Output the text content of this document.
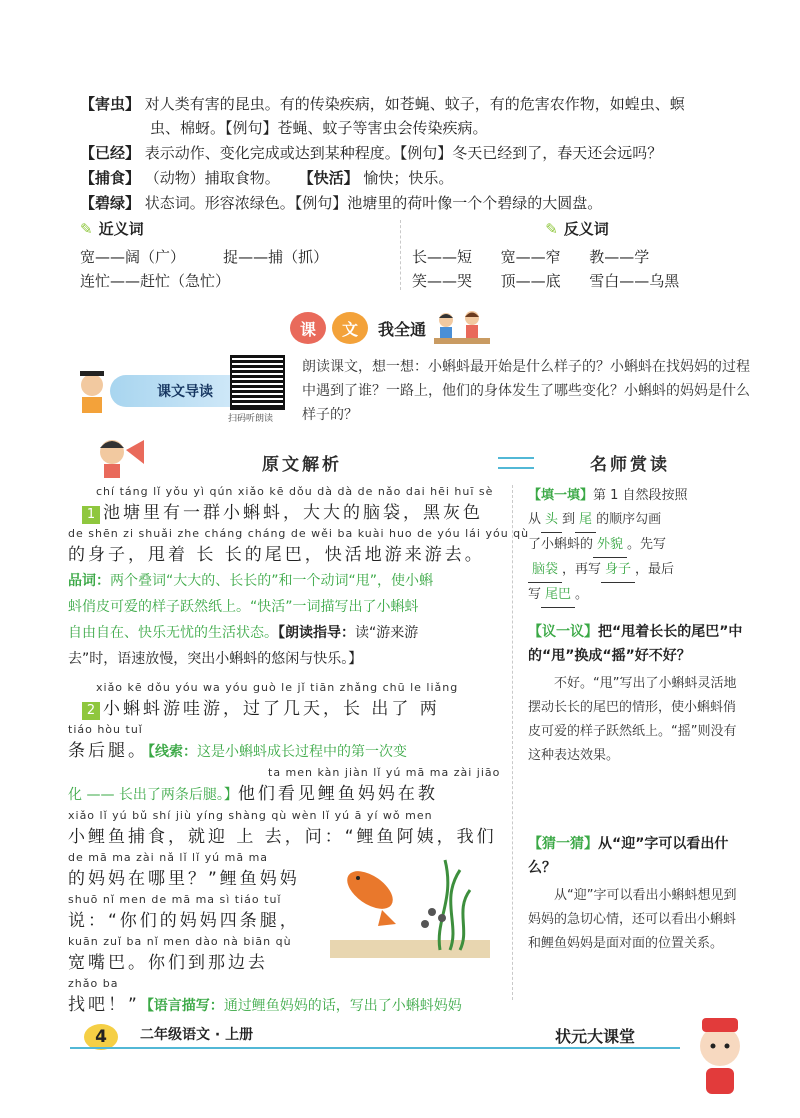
【害虫】 对人类有害的昆虫。有的传染疾病，如苍蝇、蚊子，有的危害农作物，如蝗虫、螟
虫、棉蚜。【例句】苍蝇、蚊子等害虫会传染疾病。
【已经】 表示动作、变化完成或达到某种程度。【例句】冬天已经到了，春天还会远吗？
【捕食】 （动物）捕取食物。 【快活】 愉快；快乐。
【碧绿】 状态词。形容浓绿色。【例句】池塘里的荷叶像一个个碧绿的大圆盘。
✎ 近义词
宽——阔（广）        捉——捕（抓）
连忙——赶忙（急忙）
✎ 反义词
长——短      宽——窄      教——学
笑——哭      顶——底      雪白——乌黑
课	文	我全通
课文导读
扫码听朗读
朗读课文，想一想：小蝌蚪最开始是什么样子的？小蝌蚪在找妈妈的过程中遇到了谁？一路上，他们的身体发生了哪些变化？小蝌蚪的妈妈是什么样子的？
原文解析	名师赏读
chí táng lǐ yǒu yì qún xiǎo kē dǒu dà dà de nǎo dai hēi huī sè
1 池塘里有一群小蝌蚪，大大的脑袋，黑灰色
de shēn zi shuǎi zhe cháng cháng de wěi ba kuài huo de yóu lái yóu qù
的身子，甩着 长 长的尾巴，快活地游来游去。
品词：两个叠词“大大的、长长的”和一个动词“甩”，使小蝌
蚪俏皮可爱的样子跃然纸上。“快活”一词描写出了小蝌蚪
自由自在、快乐无忧的生活状态。【朗读指导：读“游来游
去”时，语速放慢，突出小蝌蚪的悠闲与快乐。】
xiǎo kē dǒu yóu wa yóu guò le jǐ tiān zhǎng chū le liǎng
2 小蝌蚪游哇游，过了几天，长 出了 两
tiáo hòu tuǐ
条后腿。【线索：这是小蝌蚪成长过程中的第一次变
ta men kàn jiàn lǐ yú mā ma zài jiāo
化 —— 长出了两条后腿。】他们看见鲤鱼妈妈在教
xiǎo lǐ yú bǔ shí jiù yíng shàng qù wèn lǐ yú ā yí wǒ men
小鲤鱼捕食，就迎 上 去，问：“鲤鱼阿姨，我们
de mā ma zài nǎ lǐ lǐ yú mā ma
的妈妈在哪里？”鲤鱼妈妈
shuō nǐ men de mā ma sì tiáo tuǐ
说：“你们的妈妈四条腿，
kuān zuǐ ba nǐ men dào nà biān qù
宽嘴巴。你们到那边去
zhǎo ba
找吧！”【语言描写：通过鲤鱼妈妈的话，写出了小蝌蚪妈妈
【填一填】第 1 自然段按照
从 头 到 尾 的顺序勾画
了小蝌蚪的 外貌 。先写
脑袋 ，再写 身子 ，最后
写 尾巴 。
【议一议】把“甩着长长的尾巴”中的“甩”换成“摇”好不好？
不好。“甩”写出了小蝌蚪灵活地摆动长长的尾巴的情形，使小蝌蚪俏皮可爱的样子跃然纸上。“摇”则没有这种表达效果。
【猜一猜】从“迎”字可以看出什么？
从“迎”字可以看出小蝌蚪想见到妈妈的急切心情，还可以看出小蝌蚪和鲤鱼妈妈是面对面的位置关系。
4	二年级语文 · 上册	状元大课堂
